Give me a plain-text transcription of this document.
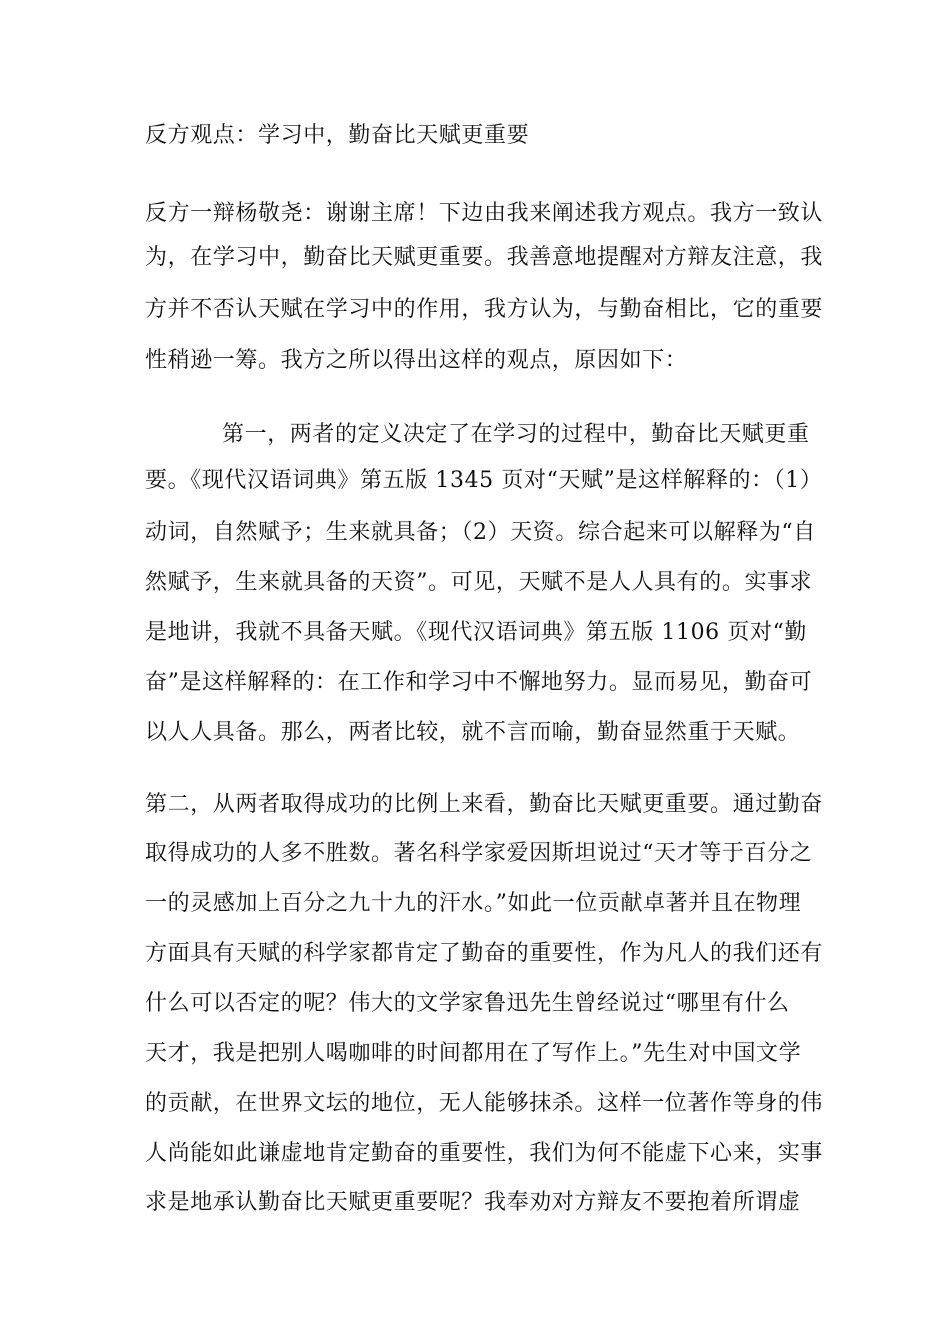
反方观点：学习中，勤奋比天赋更重要
反方一辩杨敬尧：谢谢主席！下边由我来阐述我方观点。我方一致认
为，在学习中，勤奋比天赋更重要。我善意地提醒对方辩友注意，我
方并不否认天赋在学习中的作用，我方认为，与勤奋相比，它的重要
性稍逊一筹。我方之所以得出这样的观点，原因如下：
第一，两者的定义决定了在学习的过程中，勤奋比天赋更重
要。《现代汉语词典》第五版 1345 页对“天赋”是这样解释的：（1）
动词，自然赋予；生来就具备；（2）天资。综合起来可以解释为“自
然赋予，生来就具备的天资”。可见，天赋不是人人具有的。实事求
是地讲，我就不具备天赋。《现代汉语词典》第五版 1106 页对“勤
奋”是这样解释的：在工作和学习中不懈地努力。显而易见，勤奋可
以人人具备。那么，两者比较，就不言而喻，勤奋显然重于天赋。
第二，从两者取得成功的比例上来看，勤奋比天赋更重要。通过勤奋
取得成功的人多不胜数。著名科学家爱因斯坦说过“天才等于百分之
一的灵感加上百分之九十九的汗水。”如此一位贡献卓著并且在物理
方面具有天赋的科学家都肯定了勤奋的重要性，作为凡人的我们还有
什么可以否定的呢？伟大的文学家鲁迅先生曾经说过“哪里有什么
天才，我是把别人喝咖啡的时间都用在了写作上。”先生对中国文学
的贡献，在世界文坛的地位，无人能够抹杀。这样一位著作等身的伟
人尚能如此谦虚地肯定勤奋的重要性，我们为何不能虚下心来，实事
求是地承认勤奋比天赋更重要呢？我奉劝对方辩友不要抱着所谓虚
